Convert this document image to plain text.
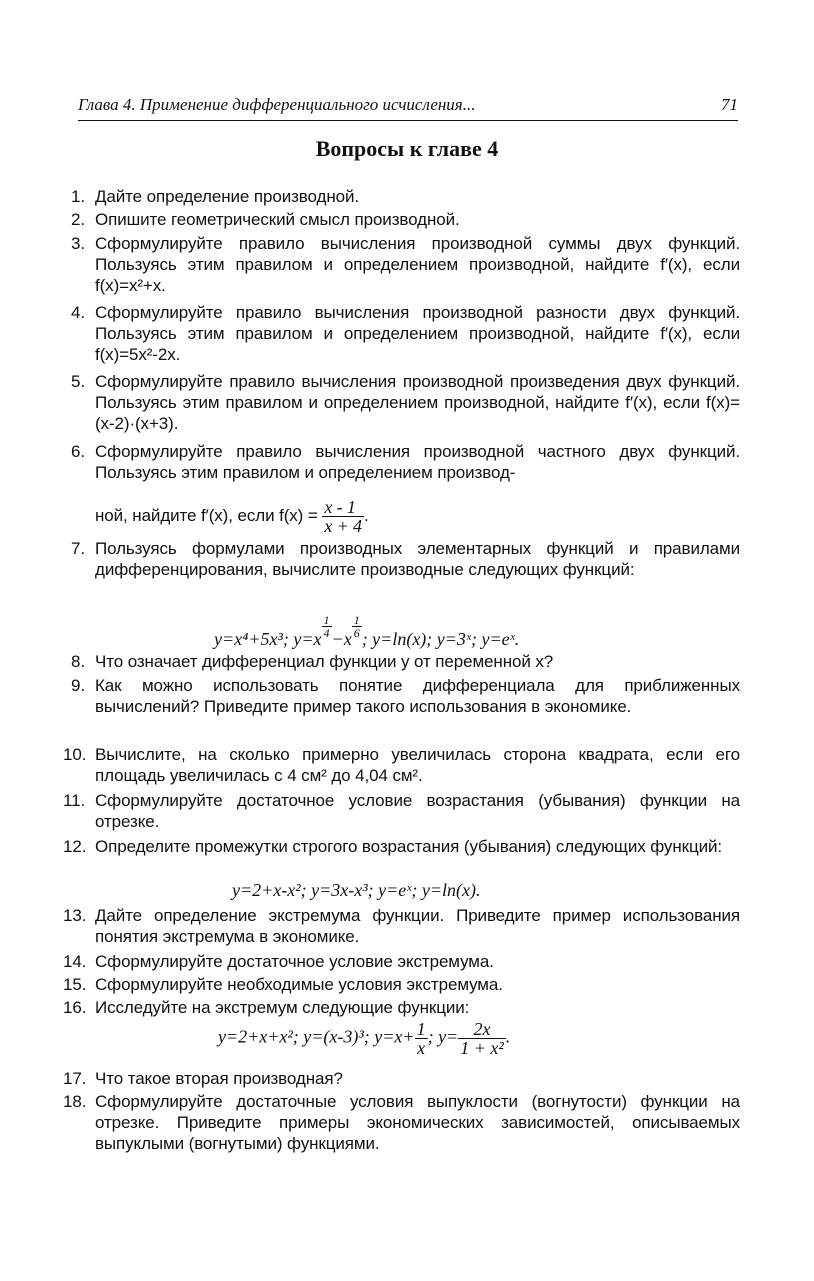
Глава 4. Применение дифференциального исчисления...	71
Вопросы к главе 4
1. Дайте определение производной.
2. Опишите геометрический смысл производной.
3. Сформулируйте правило вычисления производной суммы двух функций. Пользуясь этим правилом и определением производной, найдите f′(x), если f(x)=x²+x.
4. Сформулируйте правило вычисления производной разности двух функций. Пользуясь этим правилом и определением производной, найдите f′(x), если f(x)=5x²-2x.
5. Сформулируйте правило вычисления производной произведения двух функций. Пользуясь этим правилом и определением производной, найдите f′(x), если f(x)=(x-2)·(x+3).
6. Сформулируйте правило вычисления производной частного двух функций. Пользуясь этим правилом и определением производ-
ной, найдите f′(x), если $f(x) = \frac{x - 1}{x + 4}$ .
7. Пользуясь формулами производных элементарных функций и правилами дифференцирования, вычислите производные следующих функций:
y=x⁴+5x³; $y=x \frac{1}{4} -x \frac{1}{6}$ ; y=ln(x); y=3ˣ; y=eˣ.
8. Что означает дифференциал функции y от переменной x?
9. Как можно использовать понятие дифференциала для приближенных вычислений? Приведите пример такого использования в экономике.
10. Вычислите, на сколько примерно увеличилась сторона квадрата, если его площадь увеличилась с 4 см² до 4,04 см².
11. Сформулируйте достаточное условие возрастания (убывания) функции на отрезке.
12. Определите промежутки строгого возрастания (убывания) следующих функций:
y=2+x-x²; y=3x-x³; y=eˣ; y=ln(x).
13. Дайте определение экстремума функции. Приведите пример использования понятия экстремума в экономике.
14. Сформулируйте достаточное условие экстремума.
15. Сформулируйте необходимые условия экстремума.
16. Исследуйте на экстремум следующие функции:
y=2+x+x²; y=(x-3)³; $y=x+ \frac{1}{x}$ ; $y= \frac{2x}{\text{1 + x²}}$ .
17. Что такое вторая производная?
18. Сформулируйте достаточные условия выпуклости (вогнутости) функции на отрезке. Приведите примеры экономических зависимостей, описываемых выпуклыми (вогнутыми) функциями.
